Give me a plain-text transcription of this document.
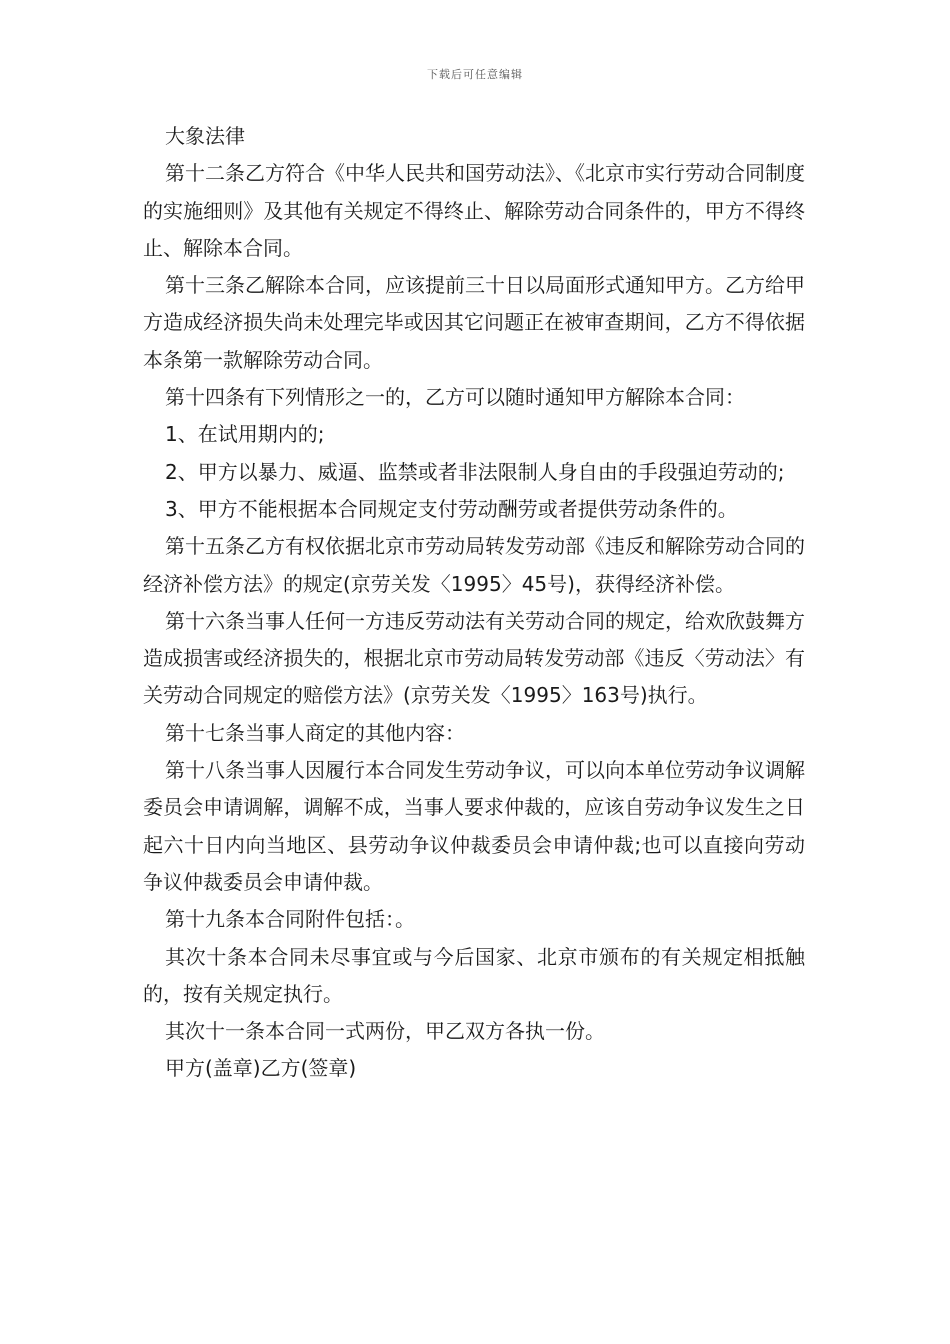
下载后可任意编辑

大象法律

第十二条乙方符合《中华人民共和国劳动法》、《北京市实行劳动合同制度的实施细则》及其他有关规定不得终止、解除劳动合同条件的，甲方不得终止、解除本合同。

第十三条乙解除本合同，应该提前三十日以局面形式通知甲方。乙方给甲方造成经济损失尚未处理完毕或因其它问题正在被审查期间，乙方不得依据本条第一款解除劳动合同。

第十四条有下列情形之一的，乙方可以随时通知甲方解除本合同：

1、在试用期内的;

2、甲方以暴力、威逼、监禁或者非法限制人身自由的手段强迫劳动的;

3、甲方不能根据本合同规定支付劳动酬劳或者提供劳动条件的。

第十五条乙方有权依据北京市劳动局转发劳动部《违反和解除劳动合同的经济补偿方法》的规定(京劳关发〈1995〉45号)，获得经济补偿。

第十六条当事人任何一方违反劳动法有关劳动合同的规定，给欢欣鼓舞方造成损害或经济损失的，根据北京市劳动局转发劳动部《违反〈劳动法〉有关劳动合同规定的赔偿方法》(京劳关发〈1995〉163号)执行。

第十七条当事人商定的其他内容：

第十八条当事人因履行本合同发生劳动争议，可以向本单位劳动争议调解委员会申请调解，调解不成，当事人要求仲裁的，应该自劳动争议发生之日起六十日内向当地区、县劳动争议仲裁委员会申请仲裁;也可以直接向劳动争议仲裁委员会申请仲裁。

第十九条本合同附件包括：。

其次十条本合同未尽事宜或与今后国家、北京市颁布的有关规定相抵触的，按有关规定执行。

其次十一条本合同一式两份，甲乙双方各执一份。

甲方(盖章)乙方(签章)
